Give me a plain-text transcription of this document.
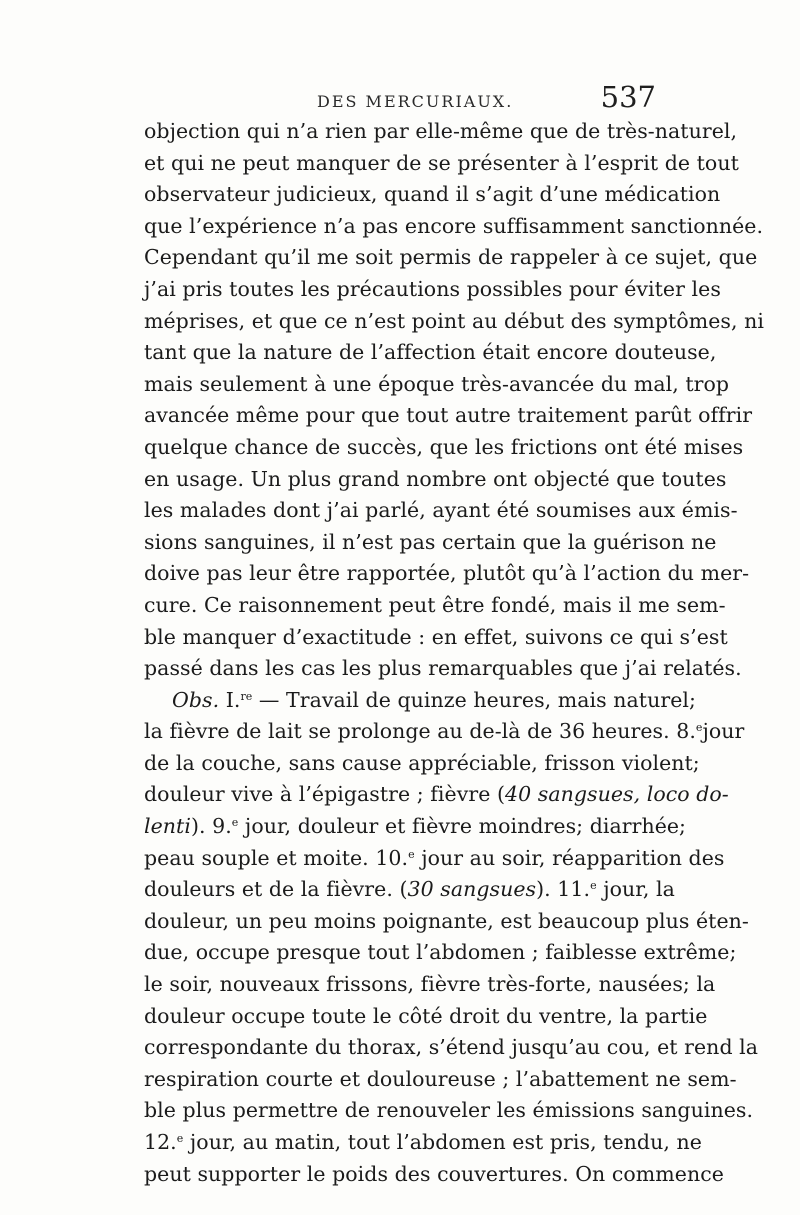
DES MERCURIAUX.	537
objection qui n’a rien par elle-même que de très-naturel,
et qui ne peut manquer de se présenter à l’esprit de tout
observateur judicieux, quand il s’agit d’une médication
que l’expérience n’a pas encore suffisamment sanctionnée.
Cependant qu’il me soit permis de rappeler à ce sujet, que
j’ai pris toutes les précautions possibles pour éviter les
méprises, et que ce n’est point au début des symptômes, ni
tant que la nature de l’affection était encore douteuse,
mais seulement à une époque très-avancée du mal, trop
avancée même pour que tout autre traitement parût offrir
quelque chance de succès, que les frictions ont été mises
en usage. Un plus grand nombre ont objecté que toutes
les malades dont j’ai parlé, ayant été soumises aux émis-
sions sanguines, il n’est pas certain que la guérison ne
doive pas leur être rapportée, plutôt qu’à l’action du mer-
cure. Ce raisonnement peut être fondé, mais il me sem-
ble manquer d’exactitude : en effet, suivons ce qui s’est
passé dans les cas les plus remarquables que j’ai relatés.
Obs. I.$^{re}$ — Travail de quinze heures, mais naturel;
la fièvre de lait se prolonge au de-là de 36 heures. 8.$^e$jour
de la couche, sans cause appréciable, frisson violent;
douleur vive à l’épigastre ; fièvre (40 sangsues, loco do-
lenti). 9.$^e$ jour, douleur et fièvre moindres; diarrhée;
peau souple et moite. 10.$^e$ jour au soir, réapparition des
douleurs et de la fièvre. (30 sangsues). 11.$^e$ jour, la
douleur, un peu moins poignante, est beaucoup plus éten-
due, occupe presque tout l’abdomen ; faiblesse extrême;
le soir, nouveaux frissons, fièvre très-forte, nausées; la
douleur occupe toute le côté droit du ventre, la partie
correspondante du thorax, s’étend jusqu’au cou, et rend la
respiration courte et douloureuse ; l’abattement ne sem-
ble plus permettre de renouveler les émissions sanguines.
12.$^e$ jour, au matin, tout l’abdomen est pris, tendu, ne
peut supporter le poids des couvertures. On commence
